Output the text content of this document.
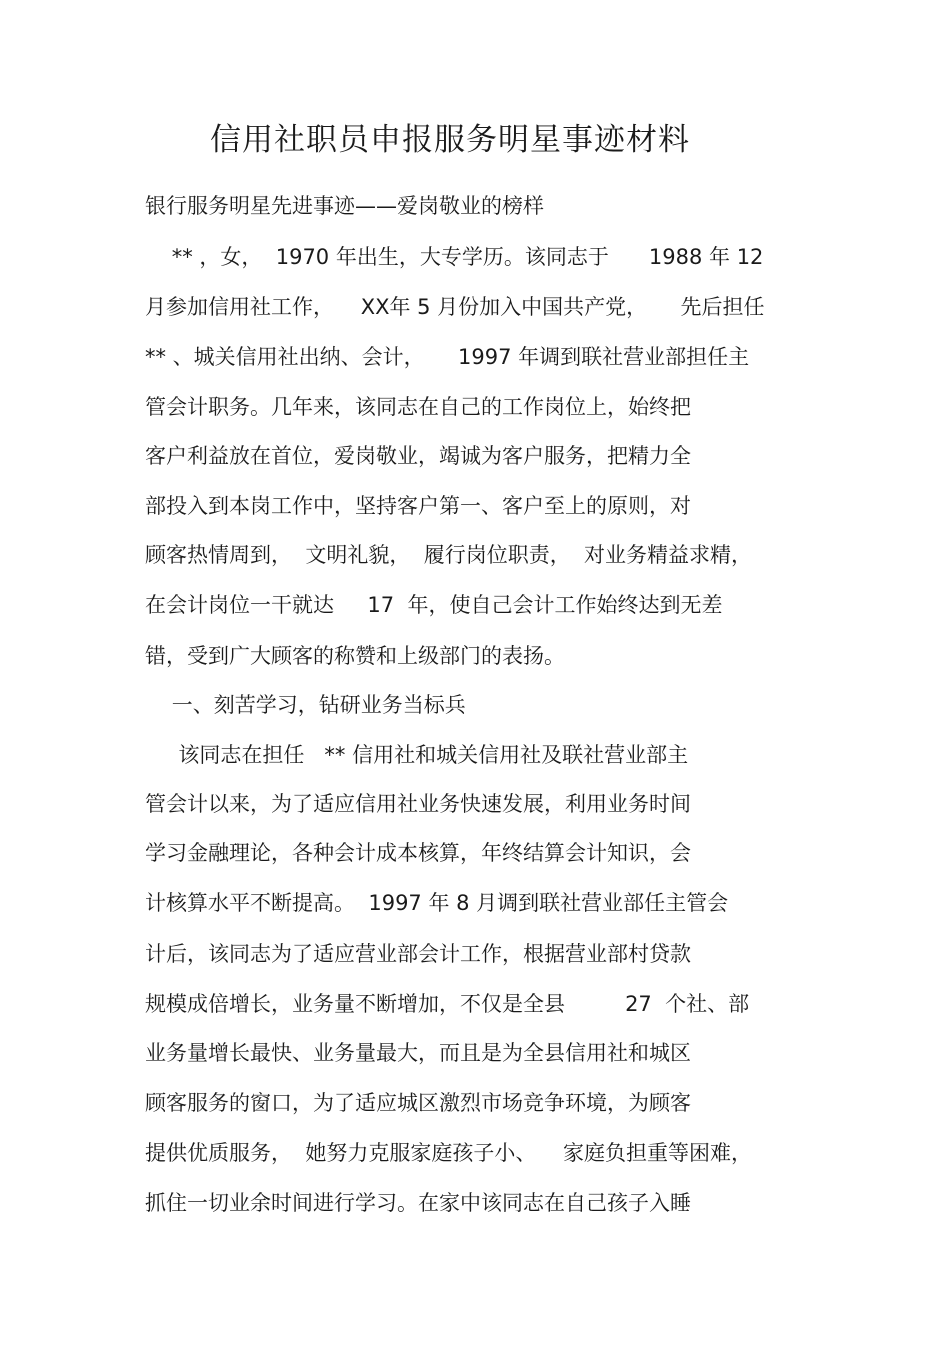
信用社职员申报服务明星事迹材料
银行服务明星先进事迹——爱岗敬业的榜样
** ，女，  1970 年出生，大专学历。该同志于      1988 年 12
月参加信用社工作，    XX年 5 月份加入中国共产党，     先后担任
** 、城关信用社出纳、会计，     1997 年调到联社营业部担任主
管会计职务。几年来，该同志在自己的工作岗位上，始终把
客户利益放在首位，爱岗敬业，竭诚为客户服务，把精力全
部投入到本岗工作中，坚持客户第一、客户至上的原则，对
顾客热情周到，  文明礼貌，  履行岗位职责，  对业务精益求精，
在会计岗位一干就达     17  年，使自己会计工作始终达到无差
错，受到广大顾客的称赞和上级部门的表扬。
一、刻苦学习，钻研业务当标兵
该同志在担任   ** 信用社和城关信用社及联社营业部主
管会计以来，为了适应信用社业务快速发展，利用业务时间
学习金融理论，各种会计成本核算，年终结算会计知识，会
计核算水平不断提高。  1997 年 8 月调到联社营业部任主管会
计后，该同志为了适应营业部会计工作，根据营业部村贷款
规模成倍增长，业务量不断增加，不仅是全县         27  个社、部
业务量增长最快、业务量最大，而且是为全县信用社和城区
顾客服务的窗口，为了适应城区激烈市场竞争环境，为顾客
提供优质服务，  她努力克服家庭孩子小、    家庭负担重等困难，
抓住一切业余时间进行学习。在家中该同志在自己孩子入睡
